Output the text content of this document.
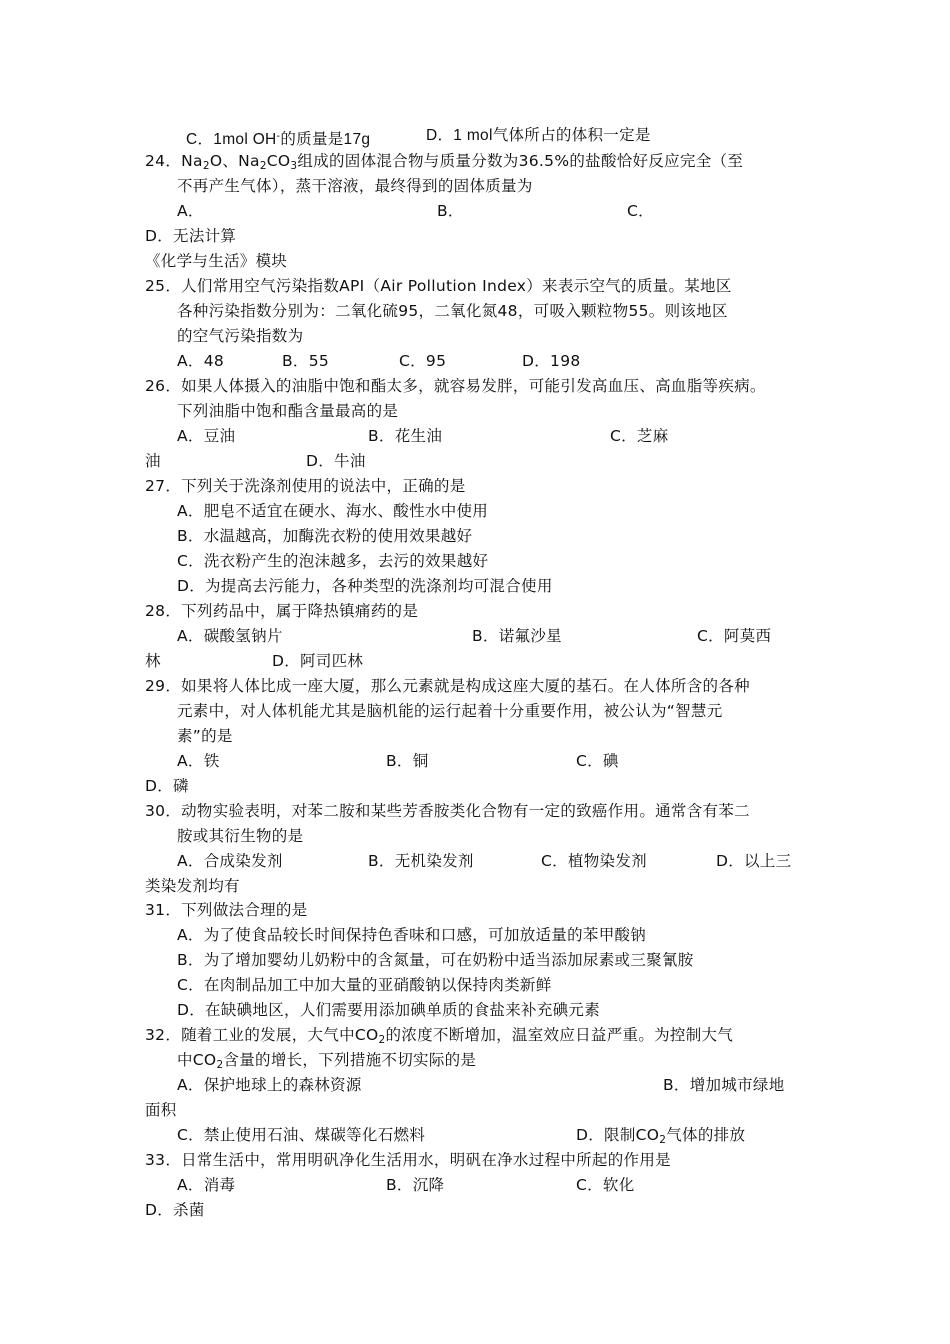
C．1mol OH-的质量是17g	D．1 mol气体所占的体积一定是
24．$Na_2O$、$Na_2CO_3$组成的固体混合物与质量分数为36.5%的盐酸恰好反应完全（至
不再产生气体），蒸干溶液，最终得到的固体质量为
A．	B．	C．
D．无法计算
《化学与生活》模块
25．人们常用空气污染指数API（Air Pollution Index）来表示空气的质量。某地区
各种污染指数分别为：二氧化硫95，二氧化氮48，可吸入颗粒物55。则该地区
的空气污染指数为
A．48	B．55	C．95	D．198
26．如果人体摄入的油脂中饱和酯太多，就容易发胖，可能引发高血压、高血脂等疾病。
下列油脂中饱和酯含量最高的是
A．豆油	B．花生油	C．芝麻
油	D．牛油
27．下列关于洗涤剂使用的说法中，正确的是
A．肥皂不适宜在硬水、海水、酸性水中使用
B．水温越高，加酶洗衣粉的使用效果越好
C．洗衣粉产生的泡沫越多，去污的效果越好
D．为提高去污能力，各种类型的洗涤剂均可混合使用
28．下列药品中，属于降热镇痛药的是
A．碳酸氢钠片	B．诺氟沙星	C．阿莫西
林	D．阿司匹林
29．如果将人体比成一座大厦，那么元素就是构成这座大厦的基石。在人体所含的各种
元素中，对人体机能尤其是脑机能的运行起着十分重要作用，被公认为“智慧元
素”的是
A．铁	B．铜	C．碘
D．磷
30．动物实验表明，对苯二胺和某些芳香胺类化合物有一定的致癌作用。通常含有苯二
胺或其衍生物的是
A．合成染发剂	B．无机染发剂	C．植物染发剂	D．以上三
类染发剂均有
31．下列做法合理的是
A．为了使食品较长时间保持色香味和口感，可加放适量的苯甲酸钠
B．为了增加婴幼儿奶粉中的含氮量，可在奶粉中适当添加尿素或三聚氰胺
C．在肉制品加工中加大量的亚硝酸钠以保持肉类新鲜
D．在缺碘地区，人们需要用添加碘单质的食盐来补充碘元素
32．随着工业的发展，大气中$CO_2$的浓度不断增加，温室效应日益严重。为控制大气
中$CO_2$含量的增长，下列措施不切实际的是
A．保护地球上的森林资源	B．增加城市绿地
面积
C．禁止使用石油、煤碳等化石燃料	D．限制$CO_2$气体的排放
33．日常生活中，常用明矾净化生活用水，明矾在净水过程中所起的作用是
A．消毒	B．沉降	C．软化
D．杀菌
